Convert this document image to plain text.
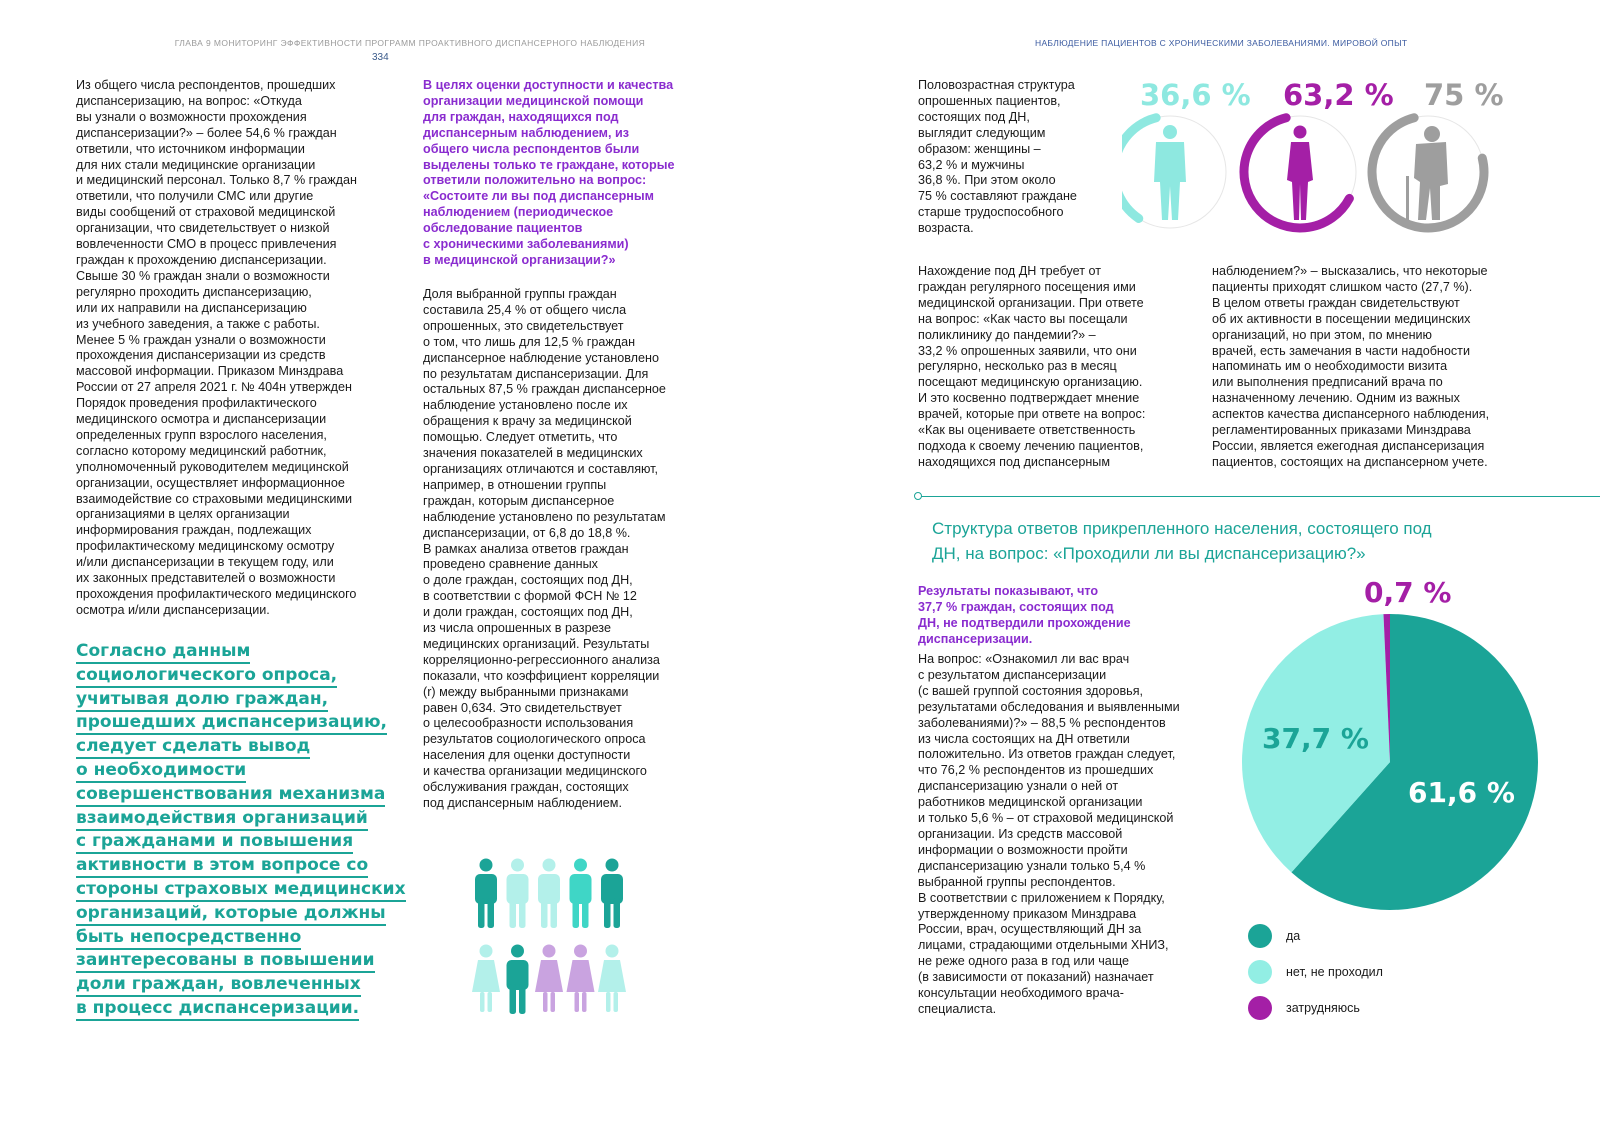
ГЛАВА 9 МОНИТОРИНГ ЭФФЕКТИВНОСТИ ПРОГРАММ ПРОАКТИВНОГО ДИСПАНСЕРНОГО НАБЛЮДЕНИЯ
334
НАБЛЮДЕНИЕ ПАЦИЕНТОВ С ХРОНИЧЕСКИМИ ЗАБОЛЕВАНИЯМИ. МИРОВОЙ ОПЫТ
Из общего числа респондентов, прошедших
диспансеризацию, на вопрос: «Откуда
вы узнали о возможности прохождения
диспансеризации?» – более 54,6 % граждан
ответили, что источником информации
для них стали медицинские организации
и медицинский персонал. Только 8,7 % граждан
ответили, что получили СМС или другие
виды сообщений от страховой медицинской
организации, что свидетельствует о низкой
вовлеченности СМО в процесс привлечения
граждан к прохождению диспансеризации.
Свыше 30 % граждан знали о возможности
регулярно проходить диспансеризацию,
или их направили на диспансеризацию
из учебного заведения, а также с работы.
Менее 5 % граждан узнали о возможности
прохождения диспансеризации из средств
массовой информации. Приказом Минздрава
России от 27 апреля 2021 г. № 404н утвержден
Порядок проведения профилактического
медицинского осмотра и диспансеризации
определенных групп взрослого населения,
согласно которому медицинский работник,
уполномоченный руководителем медицинской
организации, осуществляет информационное
взаимодействие со страховыми медицинскими
организациями в целях организации
информирования граждан, подлежащих
профилактическому медицинскому осмотру
и/или диспансеризации в текущем году, или
их законных представителей о возможности
прохождения профилактического медицинского
осмотра и/или диспансеризации.
Согласно данным
социологического опроса,
учитывая долю граждан,
прошедших диспансеризацию,
следует сделать вывод
о необходимости
совершенствования механизма
взаимодействия организаций
с гражданами и повышения
активности в этом вопросе со
стороны страховых медицинских
организаций, которые должны
быть непосредственно
заинтересованы в повышении
доли граждан, вовлеченных
в процесс диспансеризации.

В целях оценки доступности и качества
организации медицинской помощи
для граждан, находящихся под
диспансерным наблюдением, из
общего числа респондентов были
выделены только те граждане, которые
ответили положительно на вопрос:
«Состоите ли вы под диспансерным
наблюдением (периодическое
обследование пациентов
с хроническими заболеваниями)
в медицинской организации?»
Доля выбранной группы граждан
составила 25,4 % от общего числа
опрошенных, это свидетельствует
о том, что лишь для 12,5 % граждан
диспансерное наблюдение установлено
по результатам диспансеризации. Для
остальных 87,5 % граждан диспансерное
наблюдение установлено после их
обращения к врачу за медицинской
помощью. Следует отметить, что
значения показателей в медицинских
организациях отличаются и составляют,
например, в отношении группы
граждан, которым диспансерное
наблюдение установлено по результатам
диспансеризации, от 6,8 до 18,8 %.
В рамках анализа ответов граждан
проведено сравнение данных
о доле граждан, состоящих под ДН,
в соответствии с формой ФСН № 12
и доли граждан, состоящих под ДН,
из числа опрошенных в разрезе
медицинских организаций. Результаты
корреляционно-регрессионного анализа
показали, что коэффициент корреляции
(r) между выбранными признаками
равен 0,634. Это свидетельствует
о целесообразности использования
результатов социологического опроса
населения для оценки доступности
и качества организации медицинского
обслуживания граждан, состоящих
под диспансерным наблюдением.
Половозрастная структура
опрошенных пациентов,
состоящих под ДН,
выглядит следующим
образом: женщины –
63,2 % и мужчины
36,8 %. При этом около
75 % составляют граждане
старше трудоспособного
возраста.
36,6 % 63,2 % 75 %
Нахождение под ДН требует от
граждан регулярного посещения ими
медицинской организации. При ответе
на вопрос: «Как часто вы посещали
поликлинику до пандемии?» –
33,2 % опрошенных заявили, что они
регулярно, несколько раз в месяц
посещают медицинскую организацию.
И это косвенно подтверждает мнение
врачей, которые при ответе на вопрос:
«Как вы оцениваете ответственность
подхода к своему лечению пациентов,
находящихся под диспансерным
наблюдением?» – высказались, что некоторые
пациенты приходят слишком часто (27,7 %).
В целом ответы граждан свидетельствуют
об их активности в посещении медицинских
организаций, но при этом, по мнению
врачей, есть замечания в части надобности
напоминать им о необходимости визита
или выполнения предписаний врача по
назначенному лечению. Одним из важных
аспектов качества диспансерного наблюдения,
регламентированных приказами Минздрава
России, является ежегодная диспансеризация
пациентов, состоящих на диспансерном учете.
Структура ответов прикрепленного населения, состоящего под
ДН, на вопрос: «Проходили ли вы диспансеризацию?»
Результаты показывают, что
37,7 % граждан, состоящих под
ДН, не подтвердили прохождение
диспансеризации.
На вопрос: «Ознакомил ли вас врач
с результатом диспансеризации
(с вашей группой состояния здоровья,
результатами обследования и выявленными
заболеваниями)?» – 88,5 % респондентов
из числа состоящих на ДН ответили
положительно. Из ответов граждан следует,
что 76,2 % респондентов из прошедших
диспансеризацию узнали о ней от
работников медицинской организации
и только 5,6 % – от страховой медицинской
организации. Из средств массовой
информации о возможности пройти
диспансеризацию узнали только 5,4 %
выбранной группы респондентов.
В соответствии с приложением к Порядку,
утвержденному приказом Минздрава
России, врач, осуществляющий ДН за
лицами, страдающими отдельными ХНИЗ,
не реже одного раза в год или чаще
(в зависимости от показаний) назначает
консультации необходимого врача-
специалиста.
0,7 %
37,7 %
61,6 %
да
нет, не проходил
затрудняюсь
